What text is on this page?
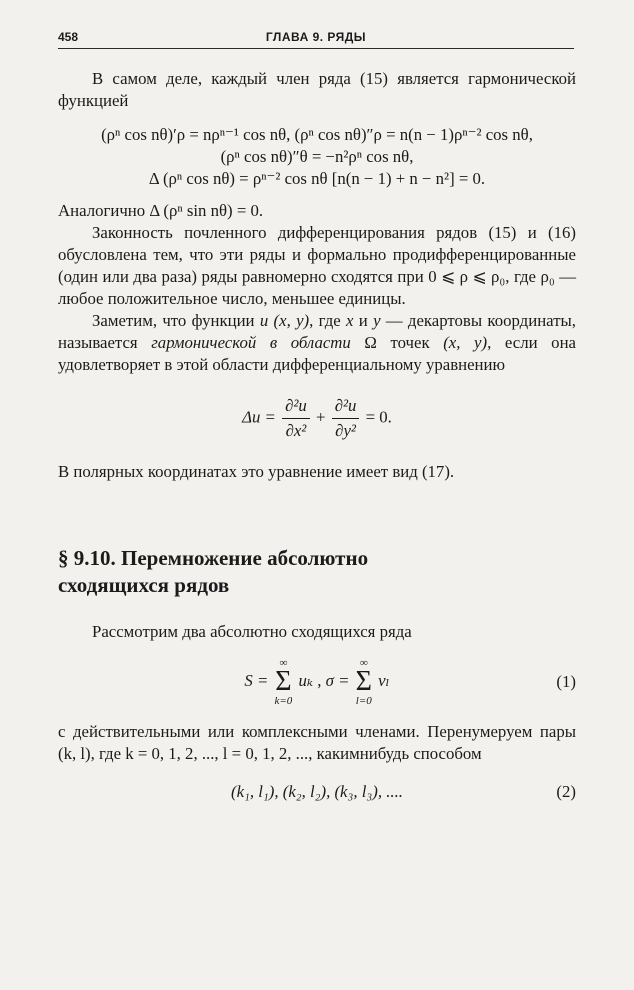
458	ГЛАВА 9. РЯДЫ

В самом деле, каждый член ряда (15) является гармонической функцией

(ρⁿ cos nθ)′ρ = nρⁿ⁻¹ cos nθ, (ρⁿ cos nθ)″ρ = n(n − 1)ρⁿ⁻² cos nθ,

(ρⁿ cos nθ)″θ = −n²ρⁿ cos nθ,

Δ (ρⁿ cos nθ) = ρⁿ⁻² cos nθ [n(n − 1) + n − n²] = 0.

Аналогично Δ (ρⁿ sin nθ) = 0.

Законность почленного дифференцирования рядов (15) и (16) обусловлена тем, что эти ряды и формально продифференцированные (один или два раза) ряды равномерно сходятся при 0 ⩽ ρ ⩽ ρ₀, где ρ₀ — любое положительное число, меньшее единицы.

Заметим, что функции u (x, y), где x и y — декартовы координаты, называется гармонической в области Ω точек (x, y), если она удовлетворяет в этой области дифференциальному уравнению

$\Delta u = \frac{\text{∂²u}}{\text{∂x²}} + \frac{\text{∂²u}}{\text{∂y²}} = 0$.

В полярных координатах это уравнение имеет вид (17).

§ 9.10. Перемножение абсолютно

сходящихся рядов

Рассмотрим два абсолютно сходящихся ряда

S =
∞
Σ
k=0
uₖ , σ =
∞
Σ
l=0
vₗ	(1)

с действительными или комплексными членами. Перенумеруем пары (k, l), где k = 0, 1, 2, ..., l = 0, 1, 2, ..., какимнибудь способом

(k₁, l₁), (k₂, l₂), (k₃, l₃), ....	(2)
